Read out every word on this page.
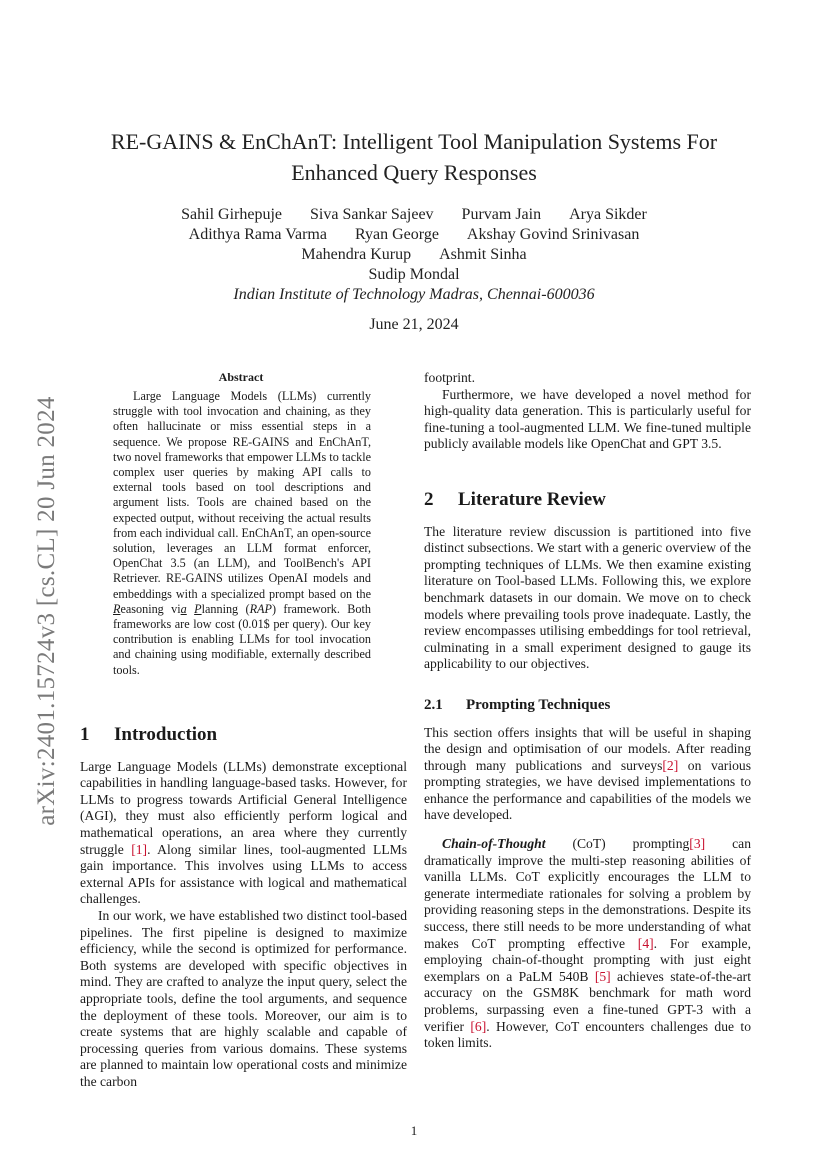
arXiv:2401.15724v3 [cs.CL] 20 Jun 2024
RE-GAINS & EnChAnT: Intelligent Tool Manipulation Systems For Enhanced Query Responses
Sahil Girhepuje Siva Sankar Sajeev Purvam Jain Arya Sikder
Adithya Rama Varma Ryan George Akshay Govind Srinivasan
Mahendra Kurup Ashmit Sinha
Sudip Mondal
Indian Institute of Technology Madras, Chennai-600036
June 21, 2024
Abstract

Large Language Models (LLMs) currently struggle with tool invocation and chaining, as they often hallucinate or miss essential steps in a sequence. We propose RE-GAINS and EnChAnT, two novel frameworks that empower LLMs to tackle complex user queries by making API calls to external tools based on tool descriptions and argument lists. Tools are chained based on the expected output, without receiving the actual results from each individual call. EnChAnT, an open-source solution, leverages an LLM format enforcer, OpenChat 3.5 (an LLM), and ToolBench's API Retriever. RE-GAINS utilizes OpenAI models and embeddings with a specialized prompt based on the Reasoning via Planning (RAP) framework. Both frameworks are low cost (0.01$ per query). Our key contribution is enabling LLMs for tool invocation and chaining using modifiable, externally described tools.

1 Introduction

Large Language Models (LLMs) demonstrate exceptional capabilities in handling language-based tasks. However, for LLMs to progress towards Artificial General Intelligence (AGI), they must also efficiently perform logical and mathematical operations, an area where they currently struggle [1]. Along similar lines, tool-augmented LLMs gain importance. This involves using LLMs to access external APIs for assistance with logical and mathematical challenges.

In our work, we have established two distinct tool-based pipelines. The first pipeline is designed to maximize efficiency, while the second is optimized for performance. Both systems are developed with specific objectives in mind. They are crafted to analyze the input query, select the appropriate tools, define the tool arguments, and sequence the deployment of these tools. Moreover, our aim is to create systems that are highly scalable and capable of processing queries from various domains. These systems are planned to maintain low operational costs and minimize the carbon

footprint.

Furthermore, we have developed a novel method for high-quality data generation. This is particularly useful for fine-tuning a tool-augmented LLM. We fine-tuned multiple publicly available models like OpenChat and GPT 3.5.

2 Literature Review

The literature review discussion is partitioned into five distinct subsections. We start with a generic overview of the prompting techniques of LLMs. We then examine existing literature on Tool-based LLMs. Following this, we explore benchmark datasets in our domain. We move on to check models where prevailing tools prove inadequate. Lastly, the review encompasses utilising embeddings for tool retrieval, culminating in a small experiment designed to gauge its applicability to our objectives.

2.1 Prompting Techniques

This section offers insights that will be useful in shaping the design and optimisation of our models. After reading through many publications and surveys[2] on various prompting strategies, we have devised implementations to enhance the performance and capabilities of the models we have developed.

Chain-of-Thought (CoT) prompting[3] can dramatically improve the multi-step reasoning abilities of vanilla LLMs. CoT explicitly encourages the LLM to generate intermediate rationales for solving a problem by providing reasoning steps in the demonstrations. Despite its success, there still needs to be more understanding of what makes CoT prompting effective [4]. For example, employing chain-of-thought prompting with just eight exemplars on a PaLM 540B [5] achieves state-of-the-art accuracy on the GSM8K benchmark for math word problems, surpassing even a fine-tuned GPT-3 with a verifier [6]. However, CoT encounters challenges due to token limits.

1
